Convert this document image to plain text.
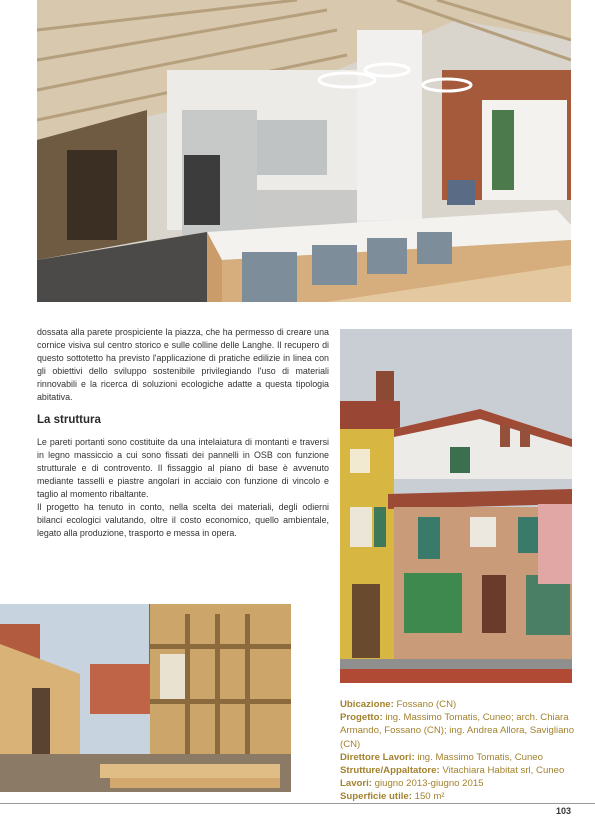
dossata alla parete prospiciente la piazza, che ha permesso di creare una cornice visiva sul centro storico e sulle colline delle Langhe. Il recupero di questo sottotetto ha previsto l'applicazione di pratiche edilizie in linea con gli obiettivi dello sviluppo sostenibile privilegiando l'uso di materiali rinnovabili e la ricerca di soluzioni ecologiche adatte a questa tipologia abitativa.

La struttura

Le pareti portanti sono costituite da una intelaiatura di montanti e traversi in legno massiccio a cui sono fissati dei pannelli in OSB con funzione strutturale e di controvento. Il fissaggio al piano di base è avvenuto mediante tasselli e piastre angolari in acciaio con funzione di vincolo e taglio al momento ribaltante.

Il progetto ha tenuto in conto, nella scelta dei materiali, degli odierni bilanci ecologici valutando, oltre il costo economico, quello ambientale, legato alla produzione, trasporto e messa in opera.

Ubicazione: Fossano (CN)
Progetto: ing. Massimo Tomatis, Cuneo; arch. Chiara Armando, Fossano (CN); ing. Andrea Allora, Savigliano (CN)
Direttore Lavori: ing. Massimo Tomatis, Cuneo
Strutture/Appaltatore: Vitachiara Habitat srl, Cuneo
Lavori: giugno 2013-giugno 2015
Superficie utile: 150 m²
103
